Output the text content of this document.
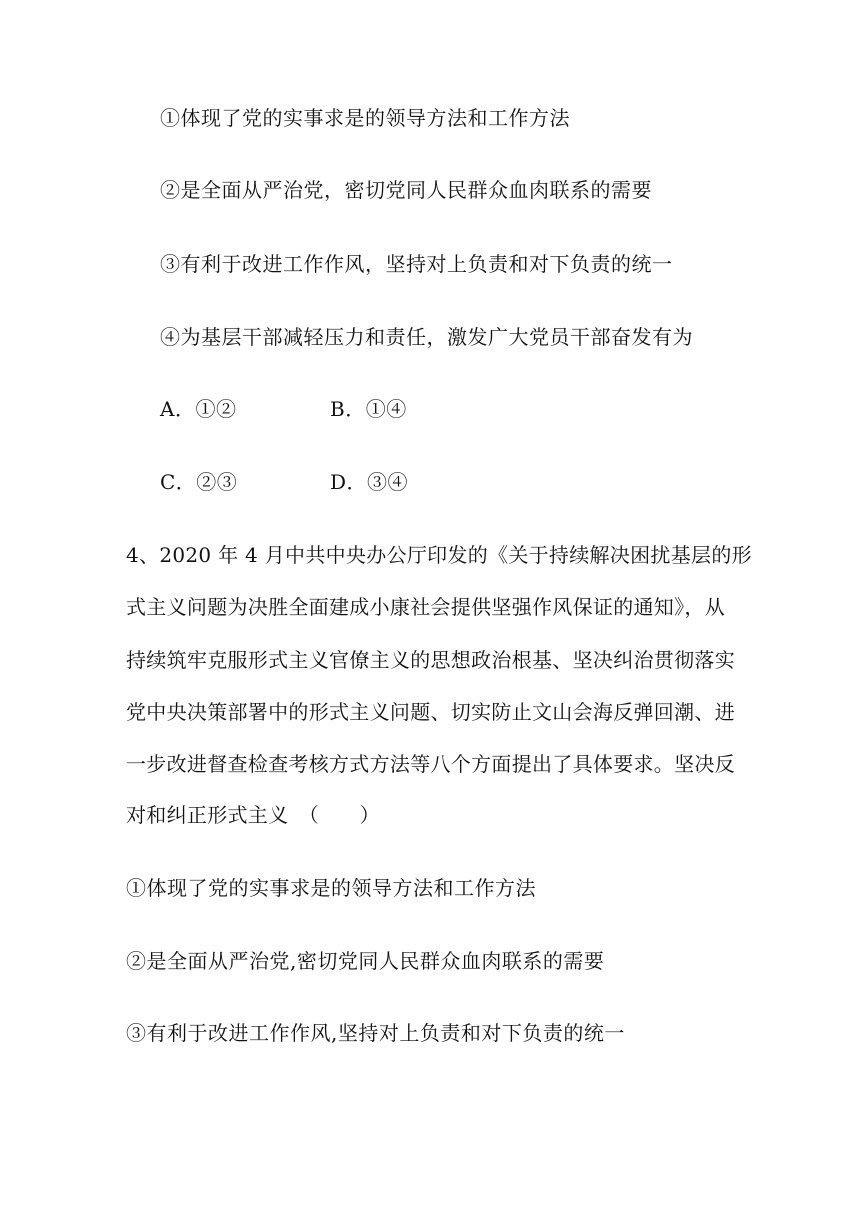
①体现了党的实事求是的领导方法和工作方法
②是全面从严治党，密切党同人民群众血肉联系的需要
③有利于改进工作作风，坚持对上负责和对下负责的统一
④为基层干部减轻压力和责任，激发广大党员干部奋发有为
A．①②	B．①④
C．②③	D．③④
4、2020 年 4 月中共中央办公厅印发的《关于持续解决困扰基层的形
式主义问题为决胜全面建成小康社会提供坚强作风保证的通知》，从
持续筑牢克服形式主义官僚主义的思想政治根基、坚决纠治贯彻落实
党中央决策部署中的形式主义问题、切实防止文山会海反弹回潮、进
一步改进督查检查考核方式方法等八个方面提出了具体要求。坚决反
对和纠正形式主义　（　　）
①体现了党的实事求是的领导方法和工作方法
②是全面从严治党,密切党同人民群众血肉联系的需要
③有利于改进工作作风,坚持对上负责和对下负责的统一
